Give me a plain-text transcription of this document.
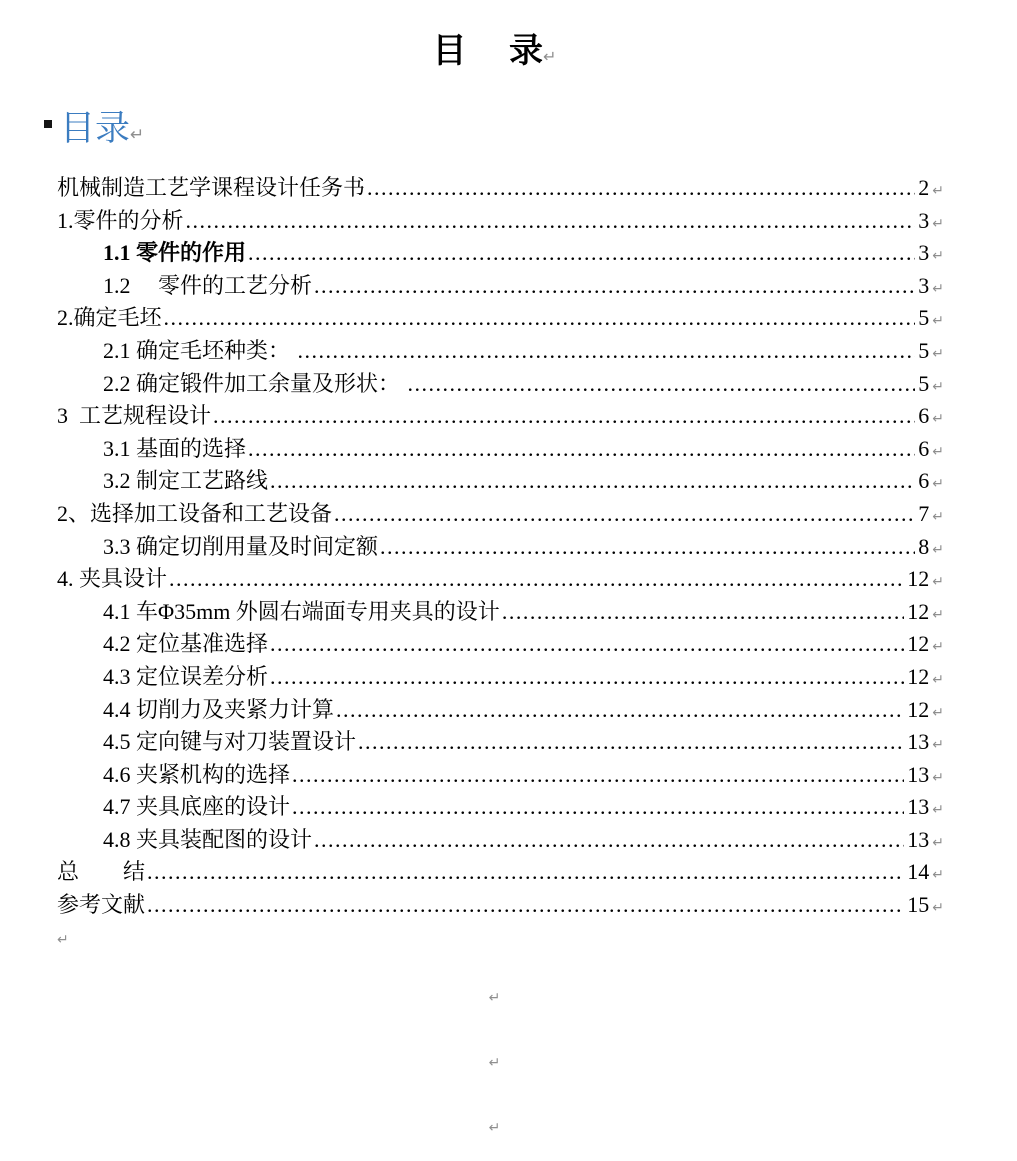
目　 录↵
目录↵
机械制造工艺学课程设计任务书 .....	2 ↵
1.零件的分析 .....	3 ↵
1.1 零件的作用 .....	3 ↵
1.2　 零件的工艺分析 .....	3 ↵
2.确定毛坯 .....	5 ↵
2.1 确定毛坯种类： .....	5 ↵
2.2 确定锻件加工余量及形状： .....	5 ↵
3  工艺规程设计 .....	6 ↵
3.1 基面的选择 .....	6 ↵
3.2 制定工艺路线 .....	6 ↵
2、选择加工设备和工艺设备 .....	7 ↵
3.3 确定切削用量及时间定额 .....	8 ↵
4. 夹具设计 .....	12 ↵
4.1 车Φ35mm 外圆右端面专用夹具的设计 .....	12 ↵
4.2 定位基准选择 .....	12 ↵
4.3 定位误差分析 .....	12 ↵
4.4 切削力及夹紧力计算 .....	12 ↵
4.5 定向键与对刀装置设计 .....	13 ↵
4.6 夹紧机构的选择 .....	13 ↵
4.7 夹具底座的设计 .....	13 ↵
4.8 夹具装配图的设计 .....	13 ↵
总　　结 .....	14 ↵
参考文献 .....	15 ↵
↵
↵
↵
↵
